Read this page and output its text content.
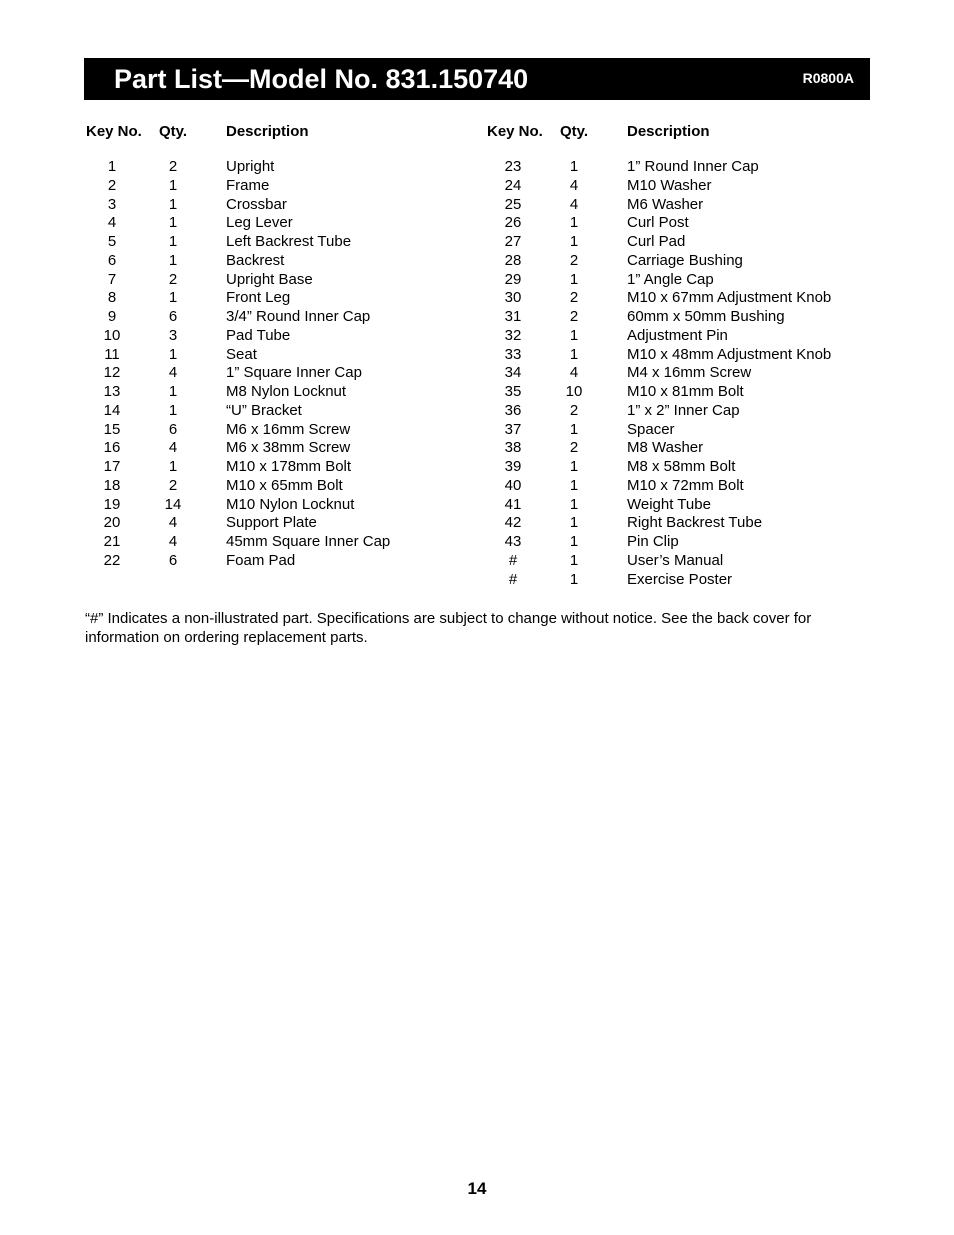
Part List—Model No. 831.150740	R0800A
Key No. Qty.	Description
1	2	Upright
2	1	Frame
3	1	Crossbar
4	1	Leg Lever
5	1	Left Backrest Tube
6	1	Backrest
7	2	Upright Base
8	1	Front Leg
9	6	3/4” Round Inner Cap
10	3	Pad Tube
11	1	Seat
12	4	1” Square Inner Cap
13	1	M8 Nylon Locknut
14	1	“U” Bracket
15	6	M6 x 16mm Screw
16	4	M6 x 38mm Screw
17	1	M10 x 178mm Bolt
18	2	M10 x 65mm Bolt
19	14	M10 Nylon Locknut
20	4	Support Plate
21	4	45mm Square Inner Cap
22	6	Foam Pad
Key No. Qty.	Description
23	1	1” Round Inner Cap
24	4	M10 Washer
25	4	M6 Washer
26	1	Curl Post
27	1	Curl Pad
28	2	Carriage Bushing
29	1	1” Angle Cap
30	2	M10 x 67mm Adjustment Knob
31	2	60mm x 50mm Bushing
32	1	Adjustment Pin
33	1	M10 x 48mm Adjustment Knob
34	4	M4 x 16mm Screw
35	10	M10 x 81mm Bolt
36	2	1” x 2” Inner Cap
37	1	Spacer
38	2	M8 Washer
39	1	M8 x 58mm Bolt
40	1	M10 x 72mm Bolt
41	1	Weight Tube
42	1	Right Backrest Tube
43	1	Pin Clip
#	1	User’s Manual
#	1	Exercise Poster
“#” Indicates a non-illustrated part. Specifications are subject to change without notice. See the back cover for information on ordering replacement parts.
14
